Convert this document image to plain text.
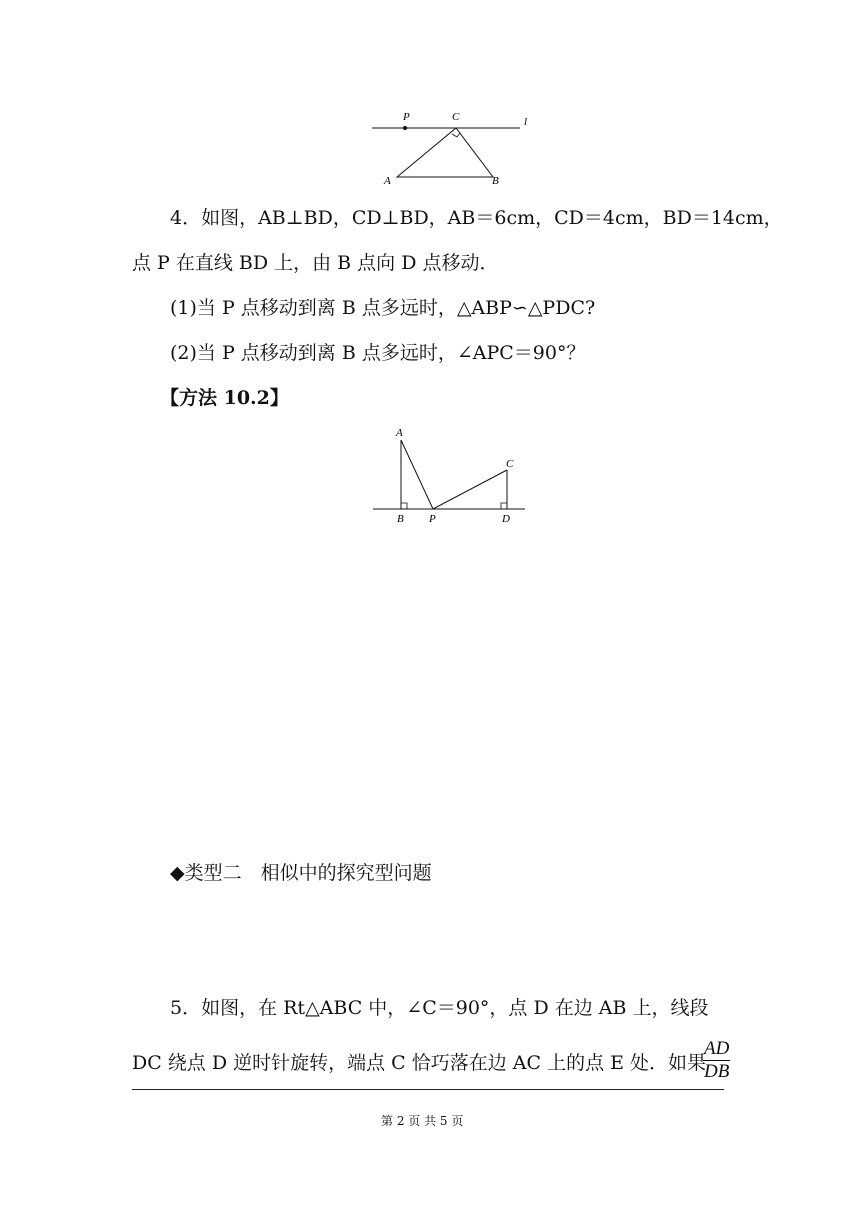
P	C	l
A	B
4．如图，AB⊥BD，CD⊥BD，AB＝6cm，CD＝4cm，BD＝14cm，
点 P 在直线 BD 上，由 B 点向 D 点移动．
(1)当 P 点移动到离 B 点多远时，△ABP∽△PDC?
(2)当 P 点移动到离 B 点多远时，∠APC＝90°？
【方法 10.2】
A
C
B P	D
◆类型二　相似中的探究型问题
5．如图，在 Rt△ABC 中，∠C＝90°，点 D 在边 AB 上，线段
DC 绕点 D 逆时针旋转，端点 C 恰巧落在边 AC 上的点 E 处．如果
$\frac{AD}{DB}$
第 2 页 共 5 页
